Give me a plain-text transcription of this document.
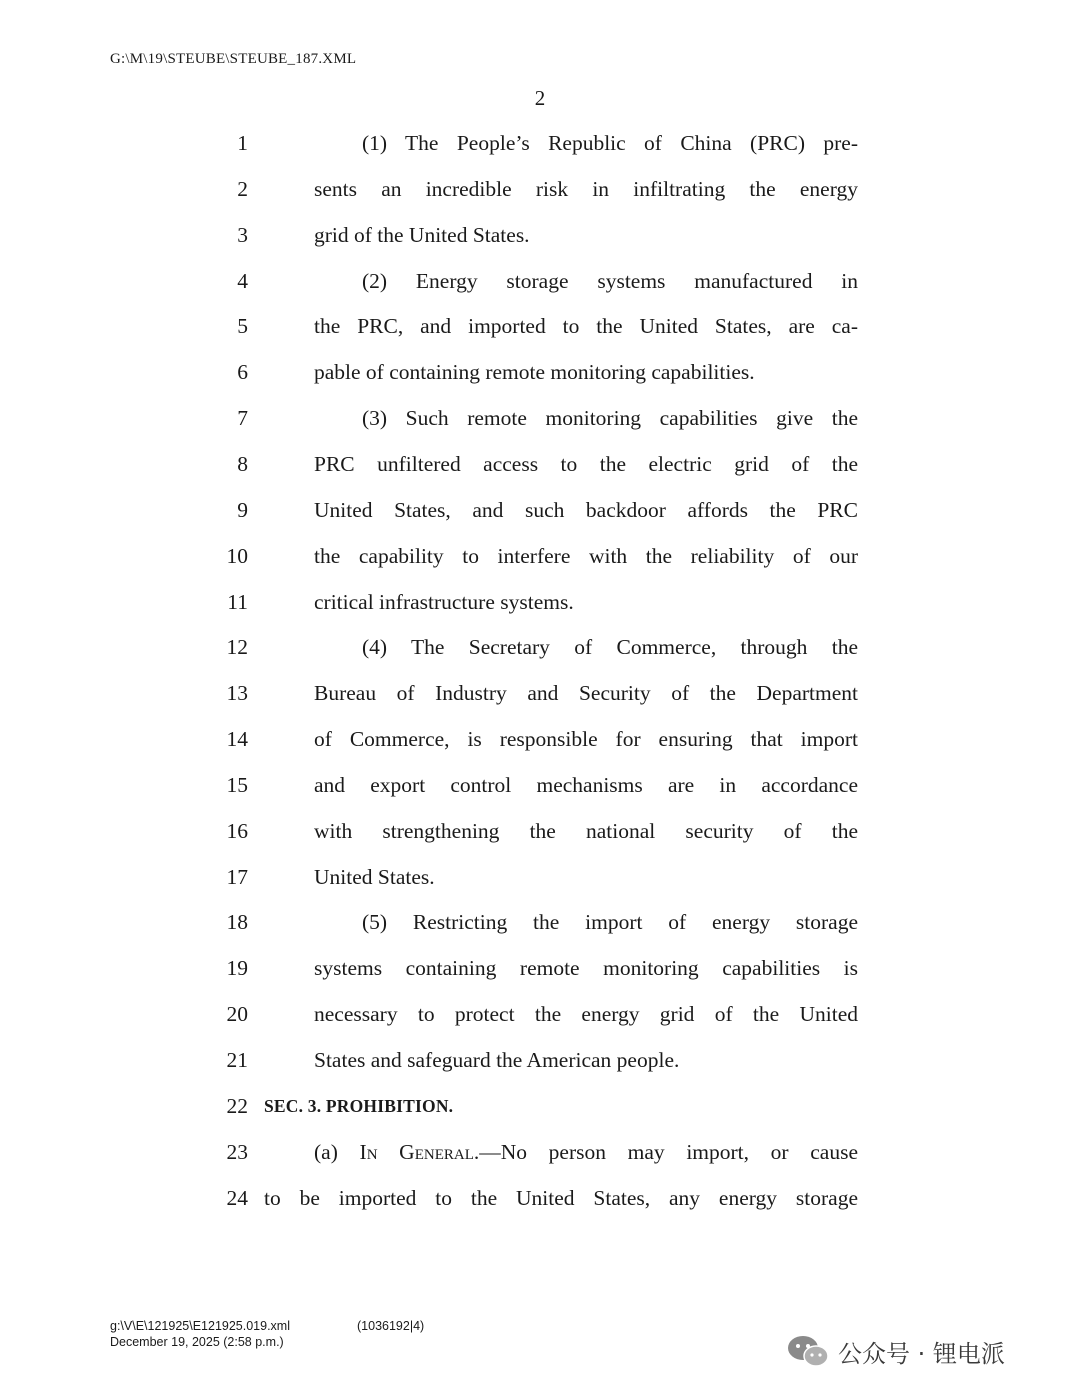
G:\M\19\STEUBE\STEUBE_187.XML
2
1	(1) The People’s Republic of China (PRC) pre-
2	sents an incredible risk in infiltrating the energy
3	grid of the United States.
4	(2) Energy storage systems manufactured in
5	the PRC, and imported to the United States, are ca-
6	pable of containing remote monitoring capabilities.
7	(3) Such remote monitoring capabilities give the
8	PRC unfiltered access to the electric grid of the
9	United States, and such backdoor affords the PRC
10	the capability to interfere with the reliability of our
11	critical infrastructure systems.
12	(4) The Secretary of Commerce, through the
13	Bureau of Industry and Security of the Department
14	of Commerce, is responsible for ensuring that import
15	and export control mechanisms are in accordance
16	with strengthening the national security of the
17	United States.
18	(5) Restricting the import of energy storage
19	systems containing remote monitoring capabilities is
20	necessary to protect the energy grid of the United
21	States and safeguard the American people.
22 SEC. 3. PROHIBITION.
23	(a) In General.—No person may import, or cause
24 to be imported to the United States, any energy storage
g:\V\E\121925\E121925.019.xml
December 19, 2025 (2:58 p.m.)
(1036192|4)
公众号 · 锂电派
